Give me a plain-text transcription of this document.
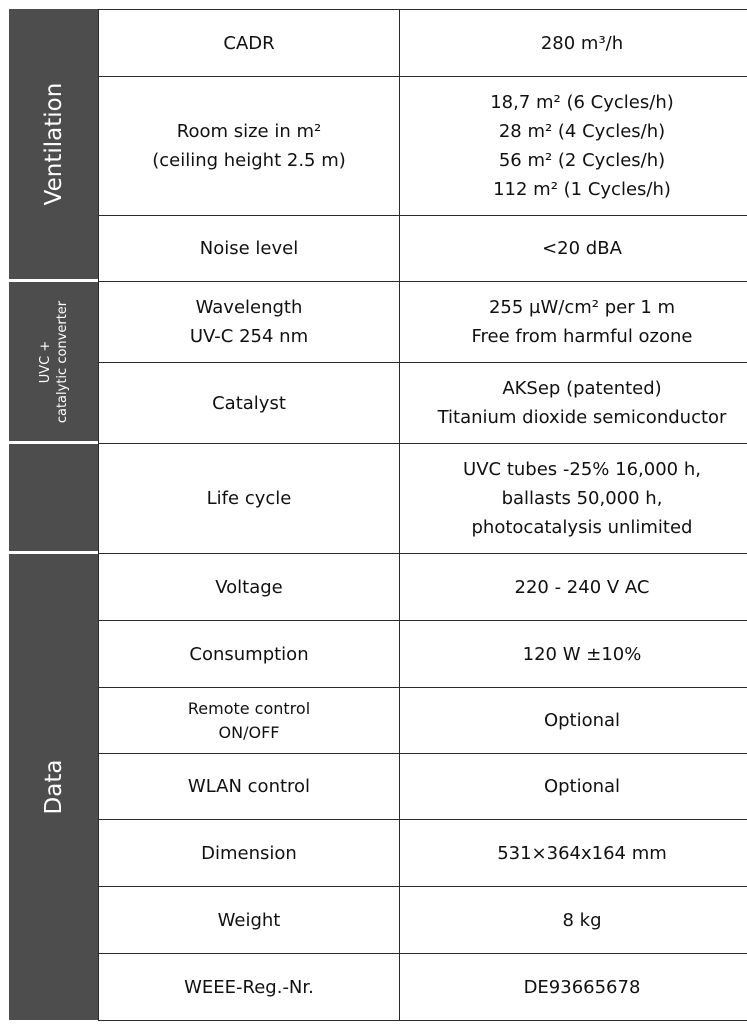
Ventilation
UVC + catalytic converter
Data
CADR	280 m³/h

Room size in m²
(ceiling height 2.5 m)	18,7 m² (6 Cycles/h)
28 m² (4 Cycles/h)
56 m² (2 Cycles/h)
112 m² (1 Cycles/h)

Noise level	<20 dBA

Wavelength
UV-C 254 nm	255 µW/cm² per 1 m
Free from harmful ozone

Catalyst	AKSep (patented)
Titanium dioxide semiconductor

Life cycle	UVC tubes -25% 16,000 h,
ballasts 50,000 h,
photocatalysis unlimited

Voltage	220 - 240 V AC

Consumption	120 W ±10%

Remote control
ON/OFF	Optional

WLAN control	Optional

Dimension	531×364x164 mm

Weight	8 kg

WEEE-Reg.-Nr.	DE93665678
